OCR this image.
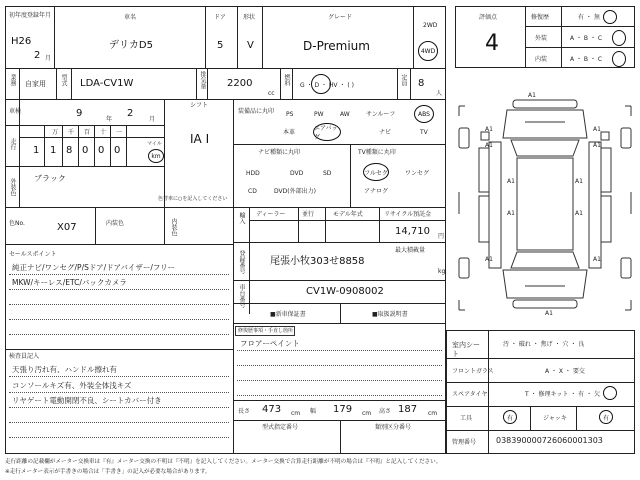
初年度登録年月
H26
2 月
車名
デリカD5
ドア
5
形状
V
グレード
D-Premium
2WD
4WD
業務 自家用 型式 LDA-CV1W	排気量 2200
cc
燃料 G ・ D ・ HV ・ ( )	定員 8
人
車検	9
年
2
月
シフト
IA I
走行
万 千 百 十 一
1 1 8 0 0 0
マイル
km
外装色 ブラック
色替車に○を記入してください
色No.	X07	内装色	内装色
セールスポイント
純正ナビ/ワンセグ/P/Sドア/ドアバイザー/フリー
MKW/キーレス/ETC/バックカメラ
検査員記入
天張り汚れ有、ハンドル擦れ有
コンソールキズ有、外装全体浅キズ
リヤゲート電動開閉不良、シートカバー付き
装備品に丸印 PS	PW	AW	サンルーフ	ABS
本革
エアバッグ
ナビ	TV
ナビ種類に丸印
HDD	DVD	SD
CD	DVD(外部出力)
TV種類に丸印
フルセグ	ワンセグ
アナログ
輸入 ディーラー	並行	モデル年式	リサイクル預託金
14,710 円
登録番号	尾張小牧303せ8858
最大積載量
kg
車台番号	CV1W-0908002
■新車保証書	■取扱説明書
修復歴事項・手直し箇所
フロアーペイント
長さ 473 cm 幅 179 cm 高さ 187 cm
型式指定番号	類別区分番号
評価点
4
修復歴	有 ・ 無
外装	A ・ B ・ C
内装	A ・ B ・ C
A1
A1	A1
A1	A1
A1	A1
A1	A1
A1	A1
A1
室内シート
汚 ・ 破れ ・ 焦げ ・ 穴 ・ 良
フロントガラス	A ・ X ・ 要交
スペアタイヤ	T ・ 修理キット ・ 有 ・ 欠
工具	有	ジャッキ	有
管理番号 038390000726060001303
走行距離の記載欄がメーター交換車は『有』メーター交換の不明は『不明』を記入してください。メーター交換で合算走行距離が不明の場合は『不明』と記入してください。
※走行メーター表示が手書きの場合は「手書き」の記入が必要な場合があります。
